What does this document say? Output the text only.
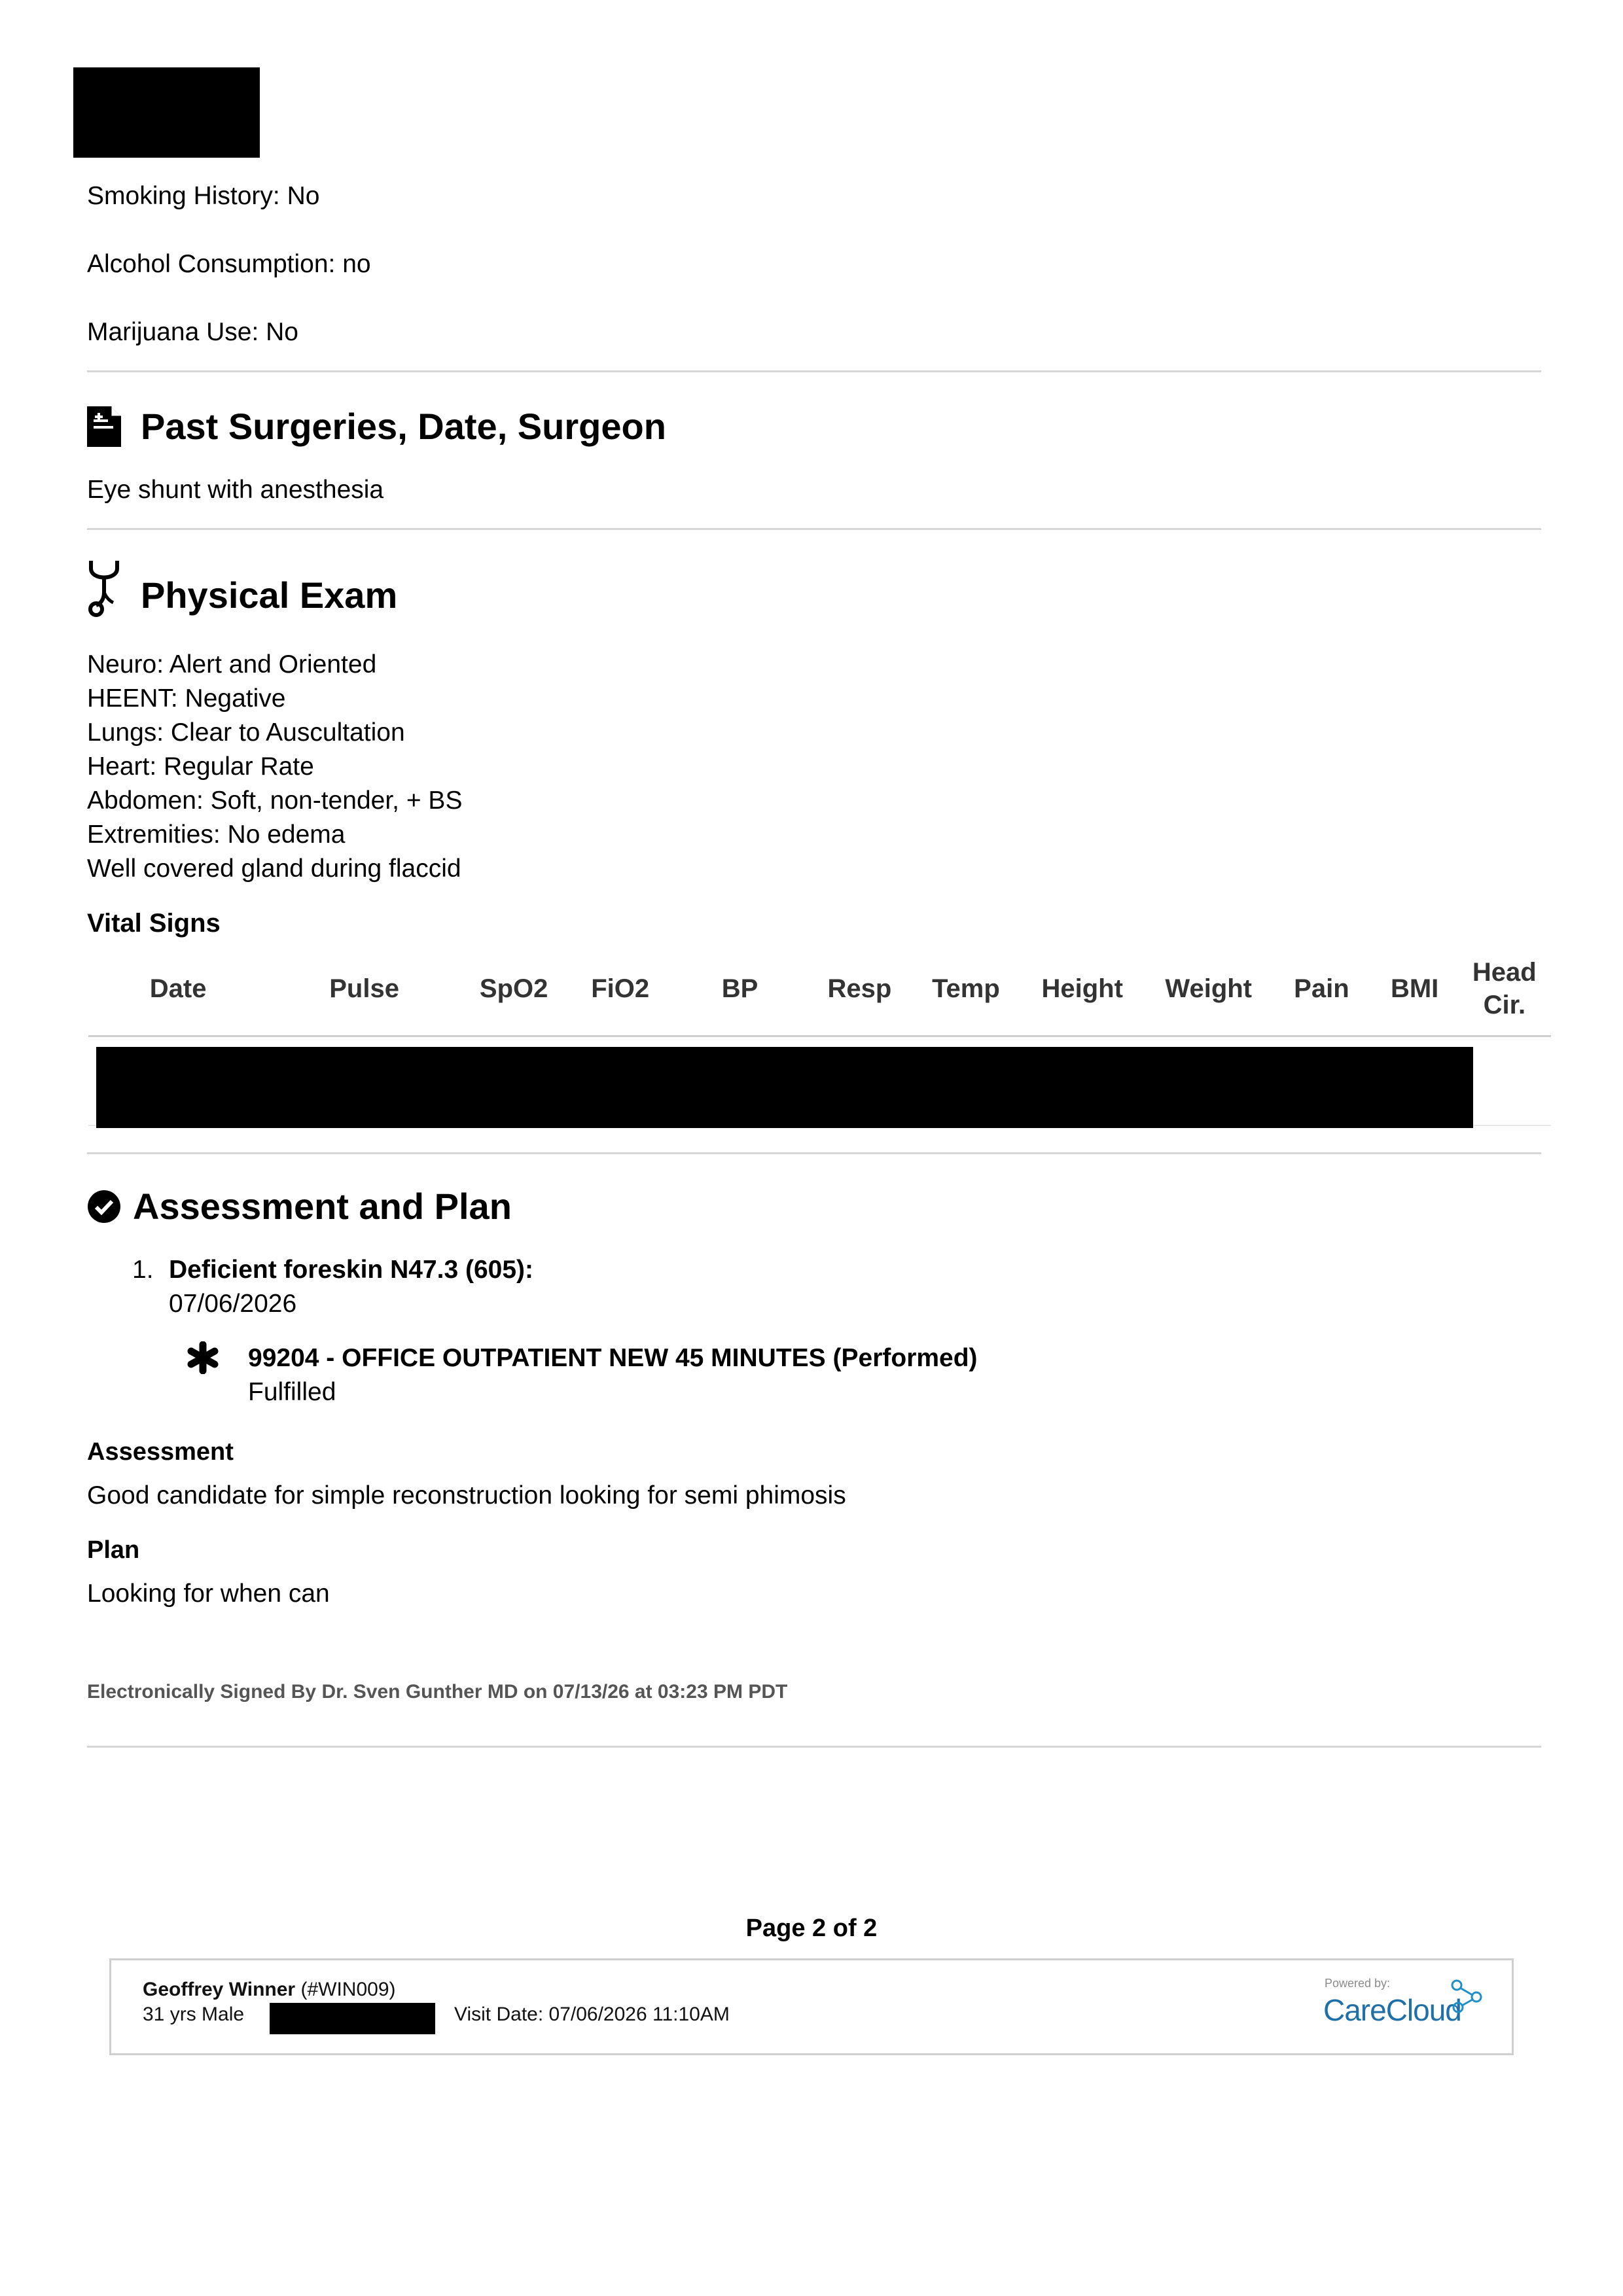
Smoking History: No
Alcohol Consumption: no
Marijuana Use: No
Past Surgeries, Date, Surgeon
Eye shunt with anesthesia
Physical Exam
Neuro: Alert and Oriented
HEENT: Negative
Lungs: Clear to Auscultation
Heart: Regular Rate
Abdomen: Soft, non-tender, + BS
Extremities: No edema
Well covered gland during flaccid
Vital Signs
Date	Pulse	SpO2	FiO2	BP	Resp	Temp	Height	Weight	Pain	BMI	Head Cir.

Assessment and Plan
1. Deficient foreskin N47.3 (605):
07/06/2026
99204 - OFFICE OUTPATIENT NEW 45 MINUTES (Performed)
Fulfilled
Assessment
Good candidate for simple reconstruction looking for semi phimosis
Plan
Looking for when can
Electronically Signed By Dr. Sven Gunther MD on 07/13/26 at 03:23 PM PDT
Page 2 of 2
Geoffrey Winner (#WIN009)
31 yrs Male	Visit Date: 07/06/2026 11:10AM
Powered by:
CareCloud
